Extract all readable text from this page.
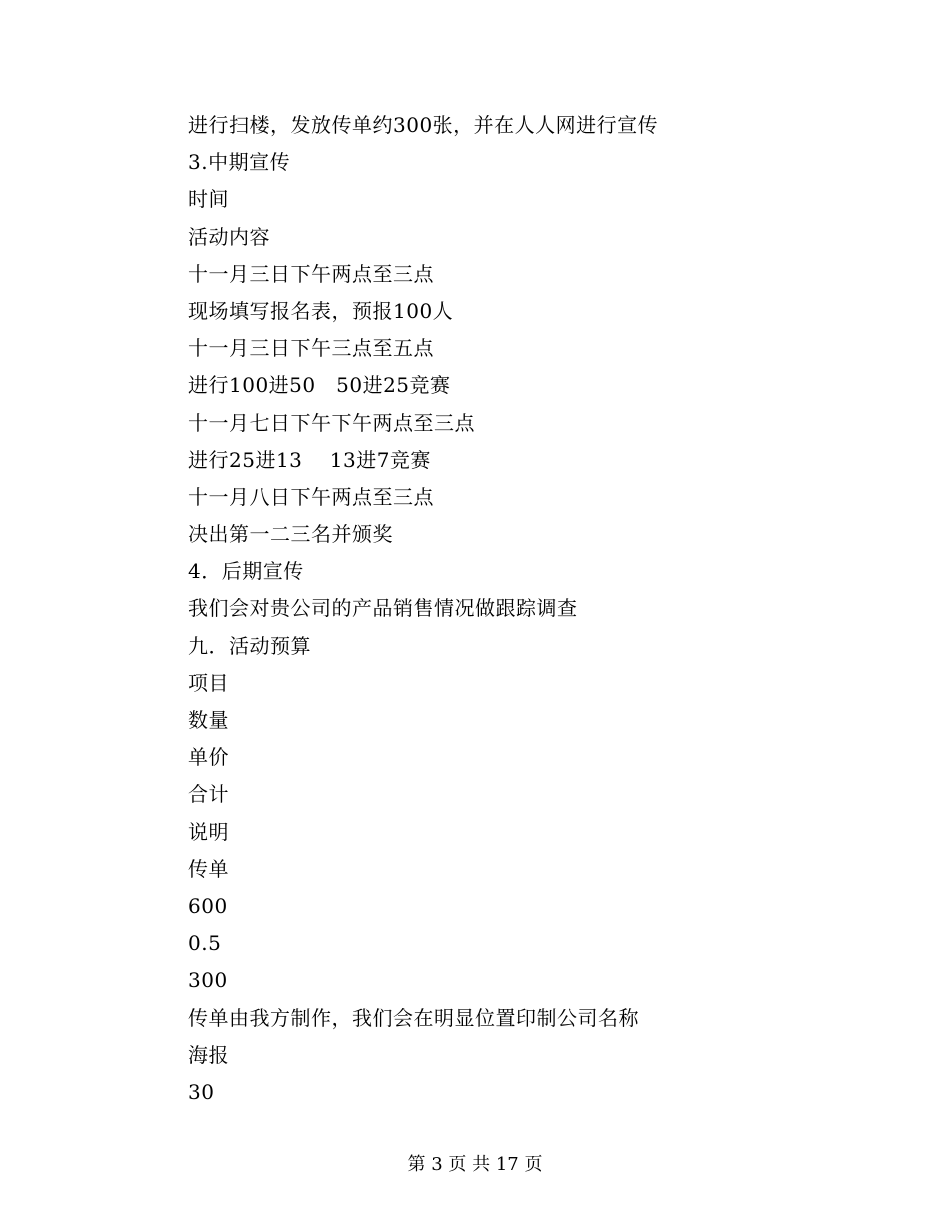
进行扫楼，发放传单约300张，并在人人网进行宣传
3.中期宣传
时间
活动内容
十一月三日下午两点至三点
现场填写报名表，预报100人
十一月三日下午三点至五点
进行100进50　50进25竞赛
十一月七日下午下午两点至三点
进行25进13　 13进7竞赛
十一月八日下午两点至三点
决出第一二三名并颁奖
4．后期宣传
我们会对贵公司的产品销售情况做跟踪调查
九．活动预算
项目
数量
单价
合计
说明
传单
600
0.5
300
传单由我方制作，我们会在明显位置印制公司名称
海报
30
第 3 页 共 17 页
